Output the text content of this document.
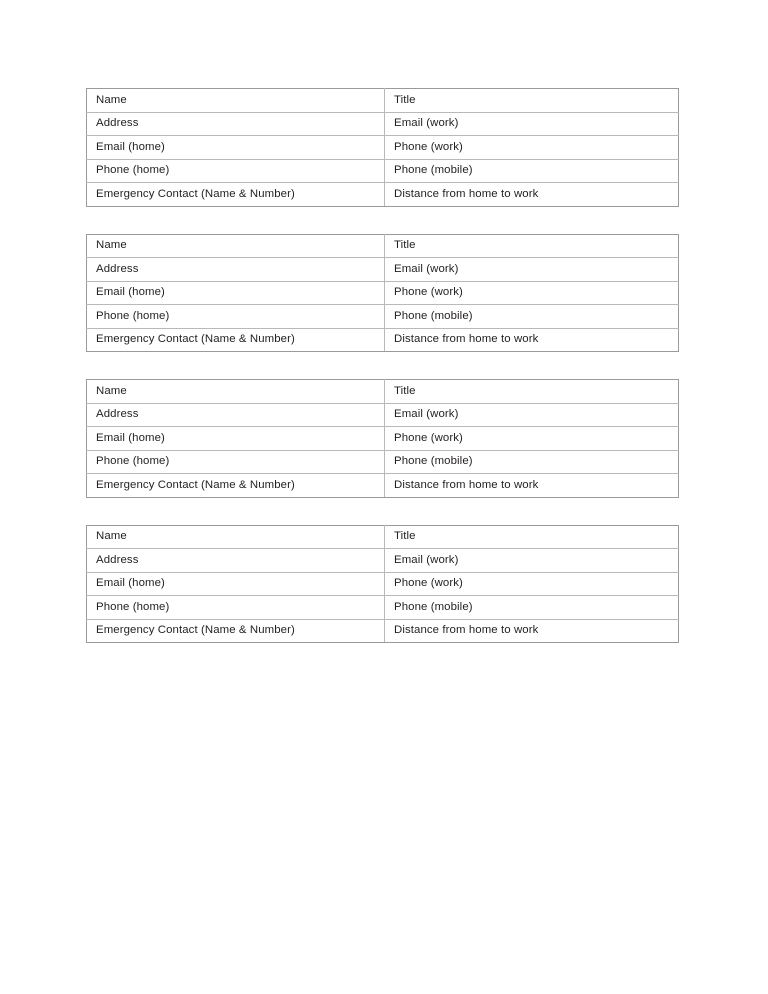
Name	Title
Address	Email (work)
Email (home)	Phone (work)
Phone (home)	Phone (mobile)
Emergency Contact (Name & Number)	Distance from home to work
Name	Title
Address	Email (work)
Email (home)	Phone (work)
Phone (home)	Phone (mobile)
Emergency Contact (Name & Number)	Distance from home to work
Name	Title
Address	Email (work)
Email (home)	Phone (work)
Phone (home)	Phone (mobile)
Emergency Contact (Name & Number)	Distance from home to work
Name	Title
Address	Email (work)
Email (home)	Phone (work)
Phone (home)	Phone (mobile)
Emergency Contact (Name & Number)	Distance from home to work
